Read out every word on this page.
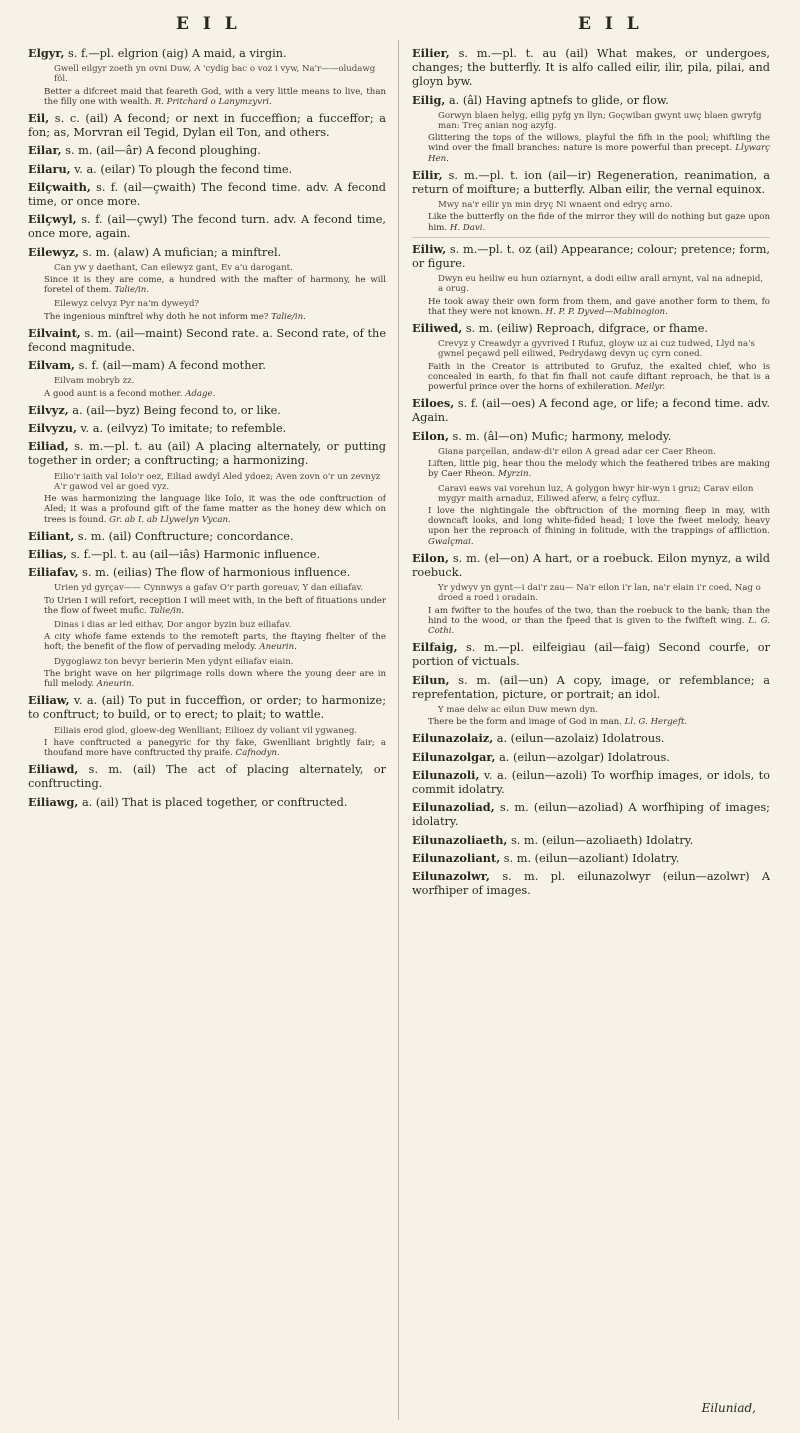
E I L	E I L

Elgyr, s. f.—pl. elgrion (aig) A maid, a virgin.

Gwell eilgyr zoeth yn ovni Duw, A 'cydig bac o voz i vyw, Na'r——oludawg fôl.
Better a difcreet maid that feareth God, with a very little means to live, than the filly one with wealth. R. Pritchard o Lanymzyvri.

Eil, s. c. (ail) A fecond; or next in fucceffion; a fucceffor; a fon; as, Morvran eil Tegid, Dylan eil Ton, and others.

Eilar, s. m. (ail—âr) A fecond ploughing.

Eilaru, v. a. (eilar) To plough the fecond time.

Eilçwaith, s. f. (ail—çwaith) The fecond time. adv. A fecond time, or once more.

Eilçwyl, s. f. (ail—çwyl) The fecond turn. adv. A fecond time, once more, again.

Eilewyz, s. m. (alaw) A mufician; a minftrel.

Can yw y daethant, Can eilewyz gant, Ev a'u darogant.
Since it is they are come, a hundred with the mafter of harmony, he will foretel of them. Talie/in.
Eilewyz celvyz Pyr na'm dyweyd?
The ingenious minftrel why doth he not inform me? Talie/in.

Eilvaint, s. m. (ail—maint) Second rate. a. Second rate, of the fecond magnitude.

Eilvam, s. f. (ail—mam) A fecond mother.

Eilvam mobryb zz.
A good aunt is a fecond mother. Adage.

Eilvyz, a. (ail—byz) Being fecond to, or like.

Eilvyzu, v. a. (eilvyz) To imitate; to refemble.

Eiliad, s. m.—pl. t. au (ail) A placing alternately, or putting together in order; a conftructing; a harmonizing.

Eilio'r iaith val Iolo'r oez, Eiliad awdyl Aled ydoez; Aven zovn o'r un zevnyz A'r gawod vel ar goed vyz.
He was harmonizing the language like Iolo, it was the ode conftruction of Aled; it was a profound gift of the fame matter as the honey dew which on trees is found. Gr. ab I. ab Llywelyn Vycan.

Eiliant, s. m. (ail) Conftructure; concordance.

Eilias, s. f.—pl. t. au (ail—iâs) Harmonic influence.

Eiliafav, s. m. (eilias) The flow of harmonious influence.

Urien yd gyrçav—— Cynnwys a gafav O'r parth goreuav, Y dan eiliafav.
To Urien I will refort, reception I will meet with, in the beft of fituations under the flow of fweet mufic. Talie/in.
Dinas i dias ar led eithav, Dor angor byzin buz eiliafav.
A city whofe fame extends to the remoteft parts, the ftaying fhelter of the hoft; the benefit of the flow of pervading melody. Aneurin.
Dygoglawz ton bevyr berierin Men ydynt eiliafav eiain.
The bright wave on her pilgrimage rolls down where the young deer are in full melody. Aneurin.

Eiliaw, v. a. (ail) To put in fucceffion, or order; to harmonize; to conftruct; to build, or to erect; to plait; to wattle.

Eiliais erod glod, gloew-deg Wenlliant; Eilioez dy voliant vil ygwaneg.
I have conftructed a panegyric for thy fake, Gwenlliant brightly fair; a thoufand more have conftructed thy praife. Cafnodyn.

Eiliawd, s. m. (ail) The act of placing alternately, or conftructing.

Eiliawg, a. (ail) That is placed together, or conftructed.

Eilier, s. m.—pl. t. au (ail) What makes, or undergoes, changes; the butterfly. It is alfo called eilir, ilir, pila, pilai, and gloyn byw.

Eilig, a. (âl) Having aptnefs to glide, or flow.

Gorwyn blaen helyg, eilig pyfg yn llyn; Goçwiban gwynt uwç blaen gwryfg man: Treç anian nog azyfg.
Glittering the tops of the willows, playful the fifh in the pool; whiftling the wind over the fmall branches: nature is more powerful than precept. Llywarç Hen.

Eilir, s. m.—pl. t. ion (ail—ir) Regeneration, reanimation, a return of moifture; a butterfly. Alban eilir, the vernal equinox.

Mwy na'r eilir yn min dryç Ni wnaent ond edryç arno.
Like the butterfly on the fide of the mirror they will do nothing but gaze upon him. H. Davi.

Eiliw, s. m.—pl. t. oz (ail) Appearance; colour; pretence; form, or figure.

Dwyn eu heiliw eu hun oziarnynt, a dodi eiliw arall arnynt, val na adnepid, a orug.
He took away their own form from them, and gave another form to them, fo that they were not known. H. P. P. Dyved—Mabinogion.

Eiliwed, s. m. (eiliw) Reproach, difgrace, or fhame.

Crevyz y Creawdyr a gyvrived I Rufuz, gloyw uz ai cuz tudwed, Llyd na's gwnel peçawd pell eiliwed, Pedrydawg devyn uç cyrn coned.
Faith in the Creator is attributed to Grufuz, the exalted chief, who is concealed in earth, fo that fin fhall not caufe diftant reproach, he that is a powerful prince over the horns of exhileration. Meilyr.

Eiloes, s. f. (ail—oes) A fecond age, or life; a fecond time. adv. Again.

Eilon, s. m. (âl—on) Mufic; harmony, melody.

Giana parçellan, andaw-di'r eilon A gread adar cer Caer Rheon.
Liften, little pig, hear thou the melody which the feathered tribes are making by Caer Rheon. Myrzin.
Caravi eaws vai vorehun luz, A golygon hwyr hir-wyn i gruz; Carav eilon mygyr maith arnaduz, Eiliwed aferw, a feirç cyfluz.
I love the nightingale the obftruction of the morning fleep in may, with downcaft looks, and long white-fided head; I love the fweet melody, heavy upon her the reproach of fhining in folitude, with the trappings of affliction. Gwalçmai.

Eilon, s. m. (el—on) A hart, or a roebuck. Eilon mynyz, a wild roebuck.

Yr ydwyv yn gynt—i dai'r zau— Na'r eilon i'r lan, na'r elain i'r coed, Nag o droed a roed i oradain.
I am fwifter to the houfes of the two, than the roebuck to the bank; than the hind to the wood, or than the fpeed that is given to the fwifteft wing. L. G. Cothi.

Eilfaig, s. m.—pl. eilfeigiau (ail—faig) Second courfe, or portion of victuals.

Eilun, s. m. (ail—un) A copy, image, or refemblance; a reprefentation, picture, or portrait; an idol.

Y mae delw ac eilun Duw mewn dyn.
There be the form and image of God in man. Ll. G. Hergeft.

Eilunazolaiz, a. (eilun—azolaiz) Idolatrous.

Eilunazolgar, a. (eilun—azolgar) Idolatrous.

Eilunazoli, v. a. (eilun—azoli) To worfhip images, or idols, to commit idolatry.

Eilunazoliad, s. m. (eilun—azoliad) A worfhiping of images; idolatry.

Eilunazoliaeth, s. m. (eilun—azoliaeth) Idolatry.

Eilunazoliant, s. m. (eilun—azoliant) Idolatry.

Eilunazolwr, s. m. pl. eilunazolwyr (eilun—azolwr) A worfhiper of images.

Eiluniad,
